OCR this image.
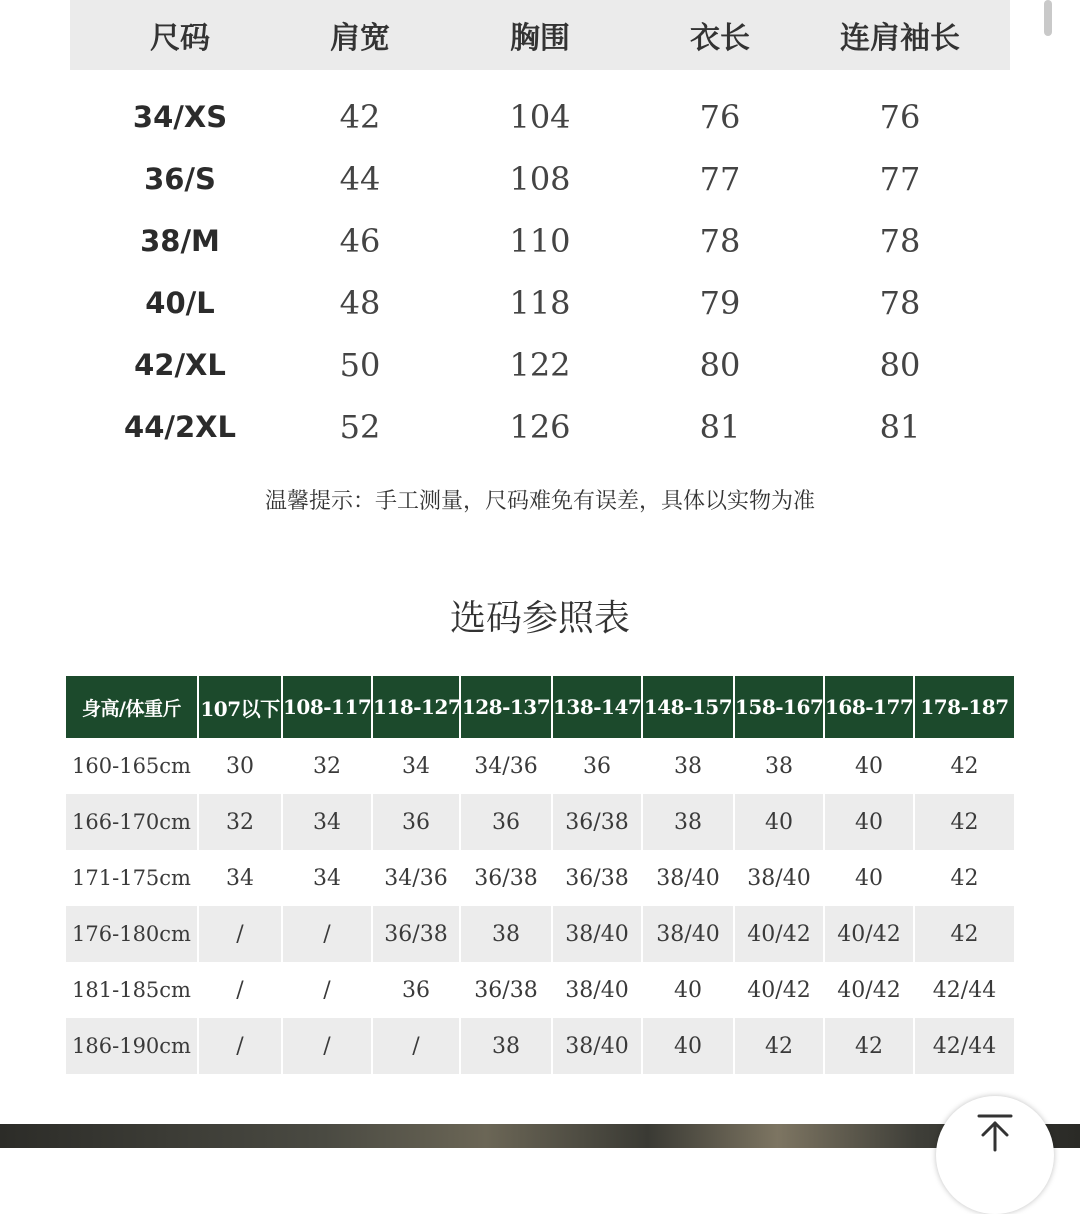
尺码	肩宽	胸围	衣长	连肩袖长
34/XS	42	104	76	76
36/S	44	108	77	77
38/M	46	110	78	78
40/L	48	118	79	78
42/XL	50	122	80	80
44/2XL	52	126	81	81
温馨提示：手工测量，尺码难免有误差，具体以实物为准
选码参照表
身高/体重斤	107以下	108-117	118-127	128-137	138-147	148-157	158-167	168-177	178-187
160-165cm	30	32	34	34/36	36	38	38	40	42
166-170cm	32	34	36	36	36/38	38	40	40	42
171-175cm	34	34	34/36	36/38	36/38	38/40	38/40	40	42
176-180cm	/	/	36/38	38	38/40	38/40	40/42	40/42	42
181-185cm	/	/	36	36/38	38/40	40	40/42	40/42	42/44
186-190cm	/	/	/	38	38/40	40	42	42	42/44
